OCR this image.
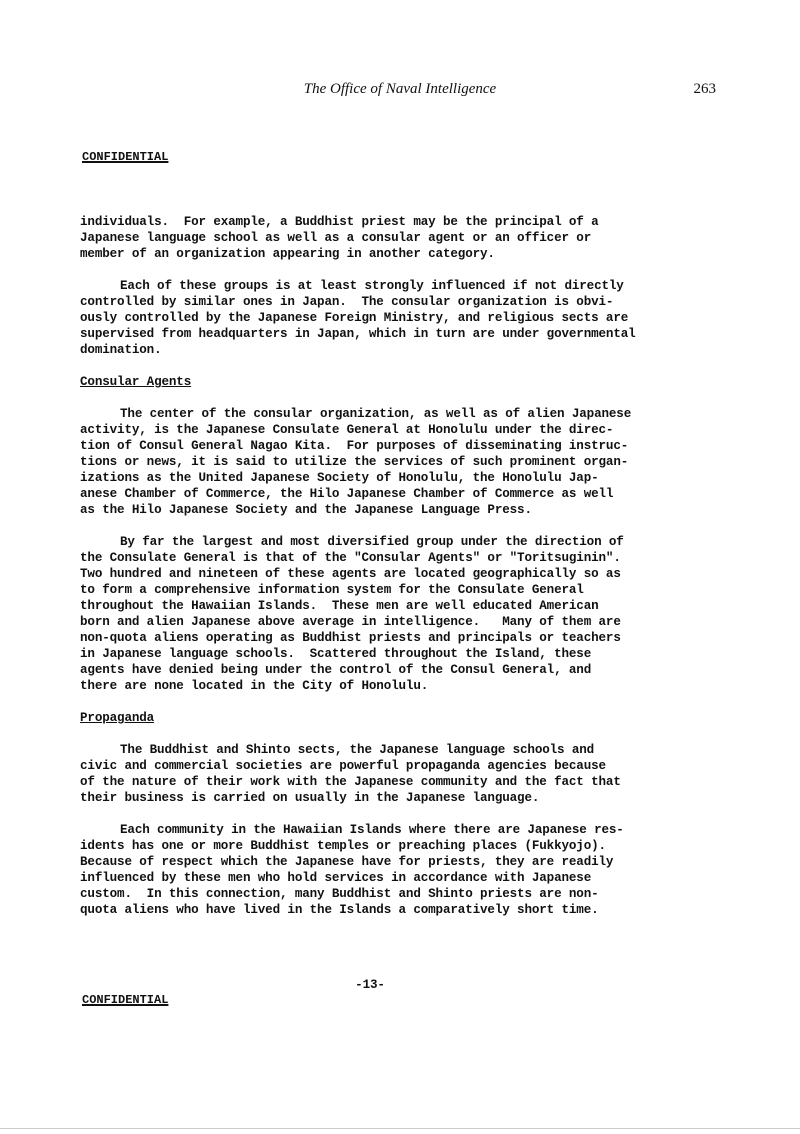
The Office of Naval Intelligence	263
CONFIDENTIAL

individuals.  For example, a Buddhist priest may be the principal of a
Japanese language school as well as a consular agent or an officer or
member of an organization appearing in another category.

Each of these groups is at least strongly influenced if not directly
controlled by similar ones in Japan.  The consular organization is obvi-
ously controlled by the Japanese Foreign Ministry, and religious sects are
supervised from headquarters in Japan, which in turn are under governmental
domination.

Consular Agents

The center of the consular organization, as well as of alien Japanese
activity, is the Japanese Consulate General at Honolulu under the direc-
tion of Consul General Nagao Kita.  For purposes of disseminating instruc-
tions or news, it is said to utilize the services of such prominent organ-
izations as the United Japanese Society of Honolulu, the Honolulu Jap-
anese Chamber of Commerce, the Hilo Japanese Chamber of Commerce as well
as the Hilo Japanese Society and the Japanese Language Press.

By far the largest and most diversified group under the direction of
the Consulate General is that of the "Consular Agents" or "Toritsuginin".
Two hundred and nineteen of these agents are located geographically so as
to form a comprehensive information system for the Consulate General
throughout the Hawaiian Islands.  These men are well educated American
born and alien Japanese above average in intelligence.   Many of them are
non-quota aliens operating as Buddhist priests and principals or teachers
in Japanese language schools.  Scattered throughout the Island, these
agents have denied being under the control of the Consul General, and
there are none located in the City of Honolulu.

Propaganda

The Buddhist and Shinto sects, the Japanese language schools and
civic and commercial societies are powerful propaganda agencies because
of the nature of their work with the Japanese community and the fact that
their business is carried on usually in the Japanese language.

Each community in the Hawaiian Islands where there are Japanese res-
idents has one or more Buddhist temples or preaching places (Fukkyojo).
Because of respect which the Japanese have for priests, they are readily
influenced by these men who hold services in accordance with Japanese
custom.  In this connection, many Buddhist and Shinto priests are non-
quota aliens who have lived in the Islands a comparatively short time.

-13-
CONFIDENTIAL
